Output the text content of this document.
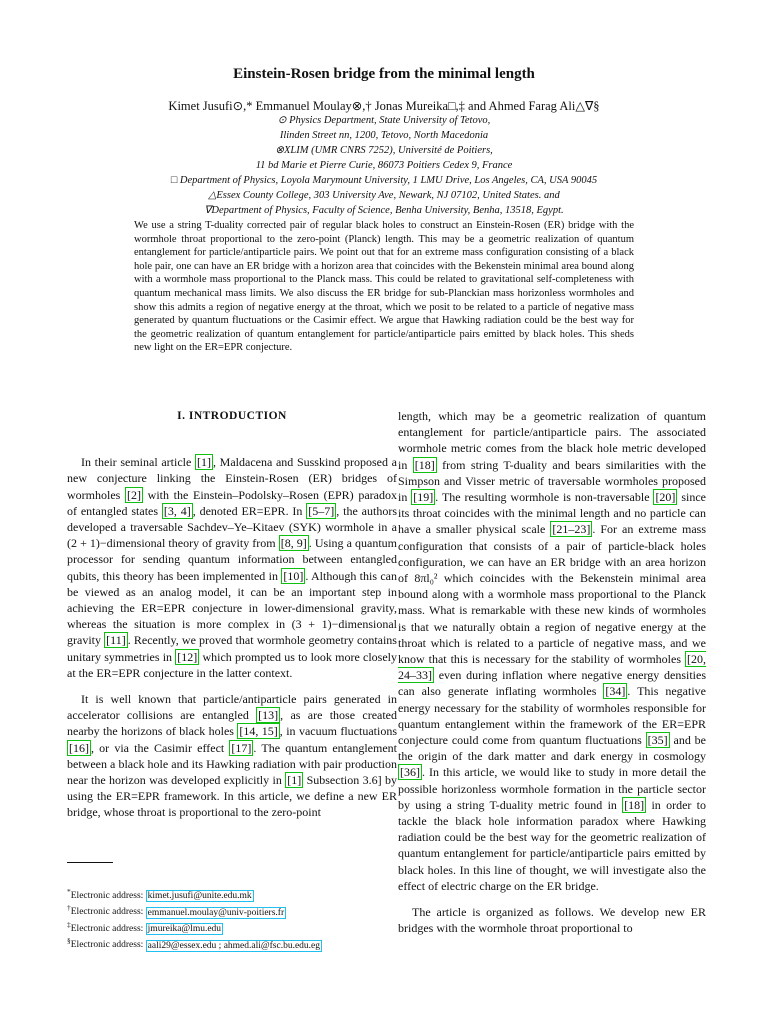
Einstein-Rosen bridge from the minimal length
Kimet Jusufi⊙,* Emmanuel Moulay⊗,† Jonas Mureika□,‡ and Ahmed Farag Ali△∇§
⊙ Physics Department, State University of Tetovo,
Ilinden Street nn, 1200, Tetovo, North Macedonia
⊗XLIM (UMR CNRS 7252), Université de Poitiers,
11 bd Marie et Pierre Curie, 86073 Poitiers Cedex 9, France
□ Department of Physics, Loyola Marymount University, 1 LMU Drive, Los Angeles, CA, USA 90045
△Essex County College, 303 University Ave, Newark, NJ 07102, United States. and
∇Department of Physics, Faculty of Science, Benha University, Benha, 13518, Egypt.
We use a string T-duality corrected pair of regular black holes to construct an Einstein-Rosen (ER) bridge with the wormhole throat proportional to the zero-point (Planck) length. This may be a geometric realization of quantum entanglement for particle/antiparticle pairs. We point out that for an extreme mass configuration consisting of a black hole pair, one can have an ER bridge with a horizon area that coincides with the Bekenstein minimal area bound along with a wormhole mass proportional to the Planck mass. This could be related to gravitational self-completeness with quantum mechanical mass limits. We also discuss the ER bridge for sub-Planckian mass horizonless wormholes and show this admits a region of negative energy at the throat, which we posit to be related to a particle of negative mass generated by quantum fluctuations or the Casimir effect. We argue that Hawking radiation could be the best way for the geometric realization of quantum entanglement for particle/antiparticle pairs emitted by black holes. This sheds new light on the ER=EPR conjecture.
I. INTRODUCTION

In their seminal article [1] , Maldacena and Susskind proposed a new conjecture linking the Einstein-Rosen (ER) bridges of wormholes [2] with the Einstein–Podolsky–Rosen (EPR) paradox of entangled states [3, 4] , denoted ER=EPR. In [5–7] , the authors developed a traversable Sachdev–Ye–Kitaev (SYK) wormhole in a (2 + 1)−dimensional theory of gravity from [8, 9] . Using a quantum processor for sending quantum information between entangled qubits, this theory has been implemented in [10] . Although this can be viewed as an analog model, it can be an important step in achieving the ER=EPR conjecture in lower-dimensional gravity, whereas the situation is more complex in (3 + 1)−dimensional gravity [11] . Recently, we proved that wormhole geometry contains unitary symmetries in [12] which prompted us to look more closely at the ER=EPR conjecture in the latter context.

It is well known that particle/antiparticle pairs generated in accelerator collisions are entangled [13] , as are those created nearby the horizons of black holes [14, 15] , in vacuum fluctuations [16] , or via the Casimir effect [17] . The quantum entanglement between a black hole and its Hawking radiation with pair production near the horizon was developed explicitly in [1] Subsection 3.6] by using the ER=EPR framework. In this article, we define a new ER bridge, whose throat is proportional to the zero-point

length, which may be a geometric realization of quantum entanglement for particle/antiparticle pairs. The associated wormhole metric comes from the black hole metric developed in [18] from string T-duality and bears similarities with the Simpson and Visser metric of traversable wormholes proposed in [19] . The resulting wormhole is non-traversable [20] since its throat coincides with the minimal length and no particle can have a smaller physical scale [21–23] . For an extreme mass configuration that consists of a pair of particle-black holes configuration, we can have an ER bridge with an area horizon of 8πl₀² which coincides with the Bekenstein minimal area bound along with a wormhole mass proportional to the Planck mass. What is remarkable with these new kinds of wormholes is that we naturally obtain a region of negative energy at the throat which is related to a particle of negative mass, and we know that this is necessary for the stability of wormholes [20, 24–33] even during inflation where negative energy densities can also generate inflating wormholes [34] . This negative energy necessary for the stability of wormholes responsible for quantum entanglement within the framework of the ER=EPR conjecture could come from quantum fluctuations [35] and be the origin of the dark matter and dark energy in cosmology [36] . In this article, we would like to study in more detail the possible horizonless wormhole formation in the particle sector by using a string T-duality metric found in [18] in order to tackle the black hole information paradox where Hawking radiation could be the best way for the geometric realization of quantum entanglement for particle/antiparticle pairs emitted by black holes. In this line of thought, we will investigate also the effect of electric charge on the ER bridge.

The article is organized as follows. We develop new ER bridges with the wormhole throat proportional to

*Electronic address: kimet.jusufi@unite.edu.mk
†Electronic address: emmanuel.moulay@univ-poitiers.fr
‡Electronic address: jmureika@lmu.edu
§Electronic address: aali29@essex.edu ; ahmed.ali@fsc.bu.edu.eg
